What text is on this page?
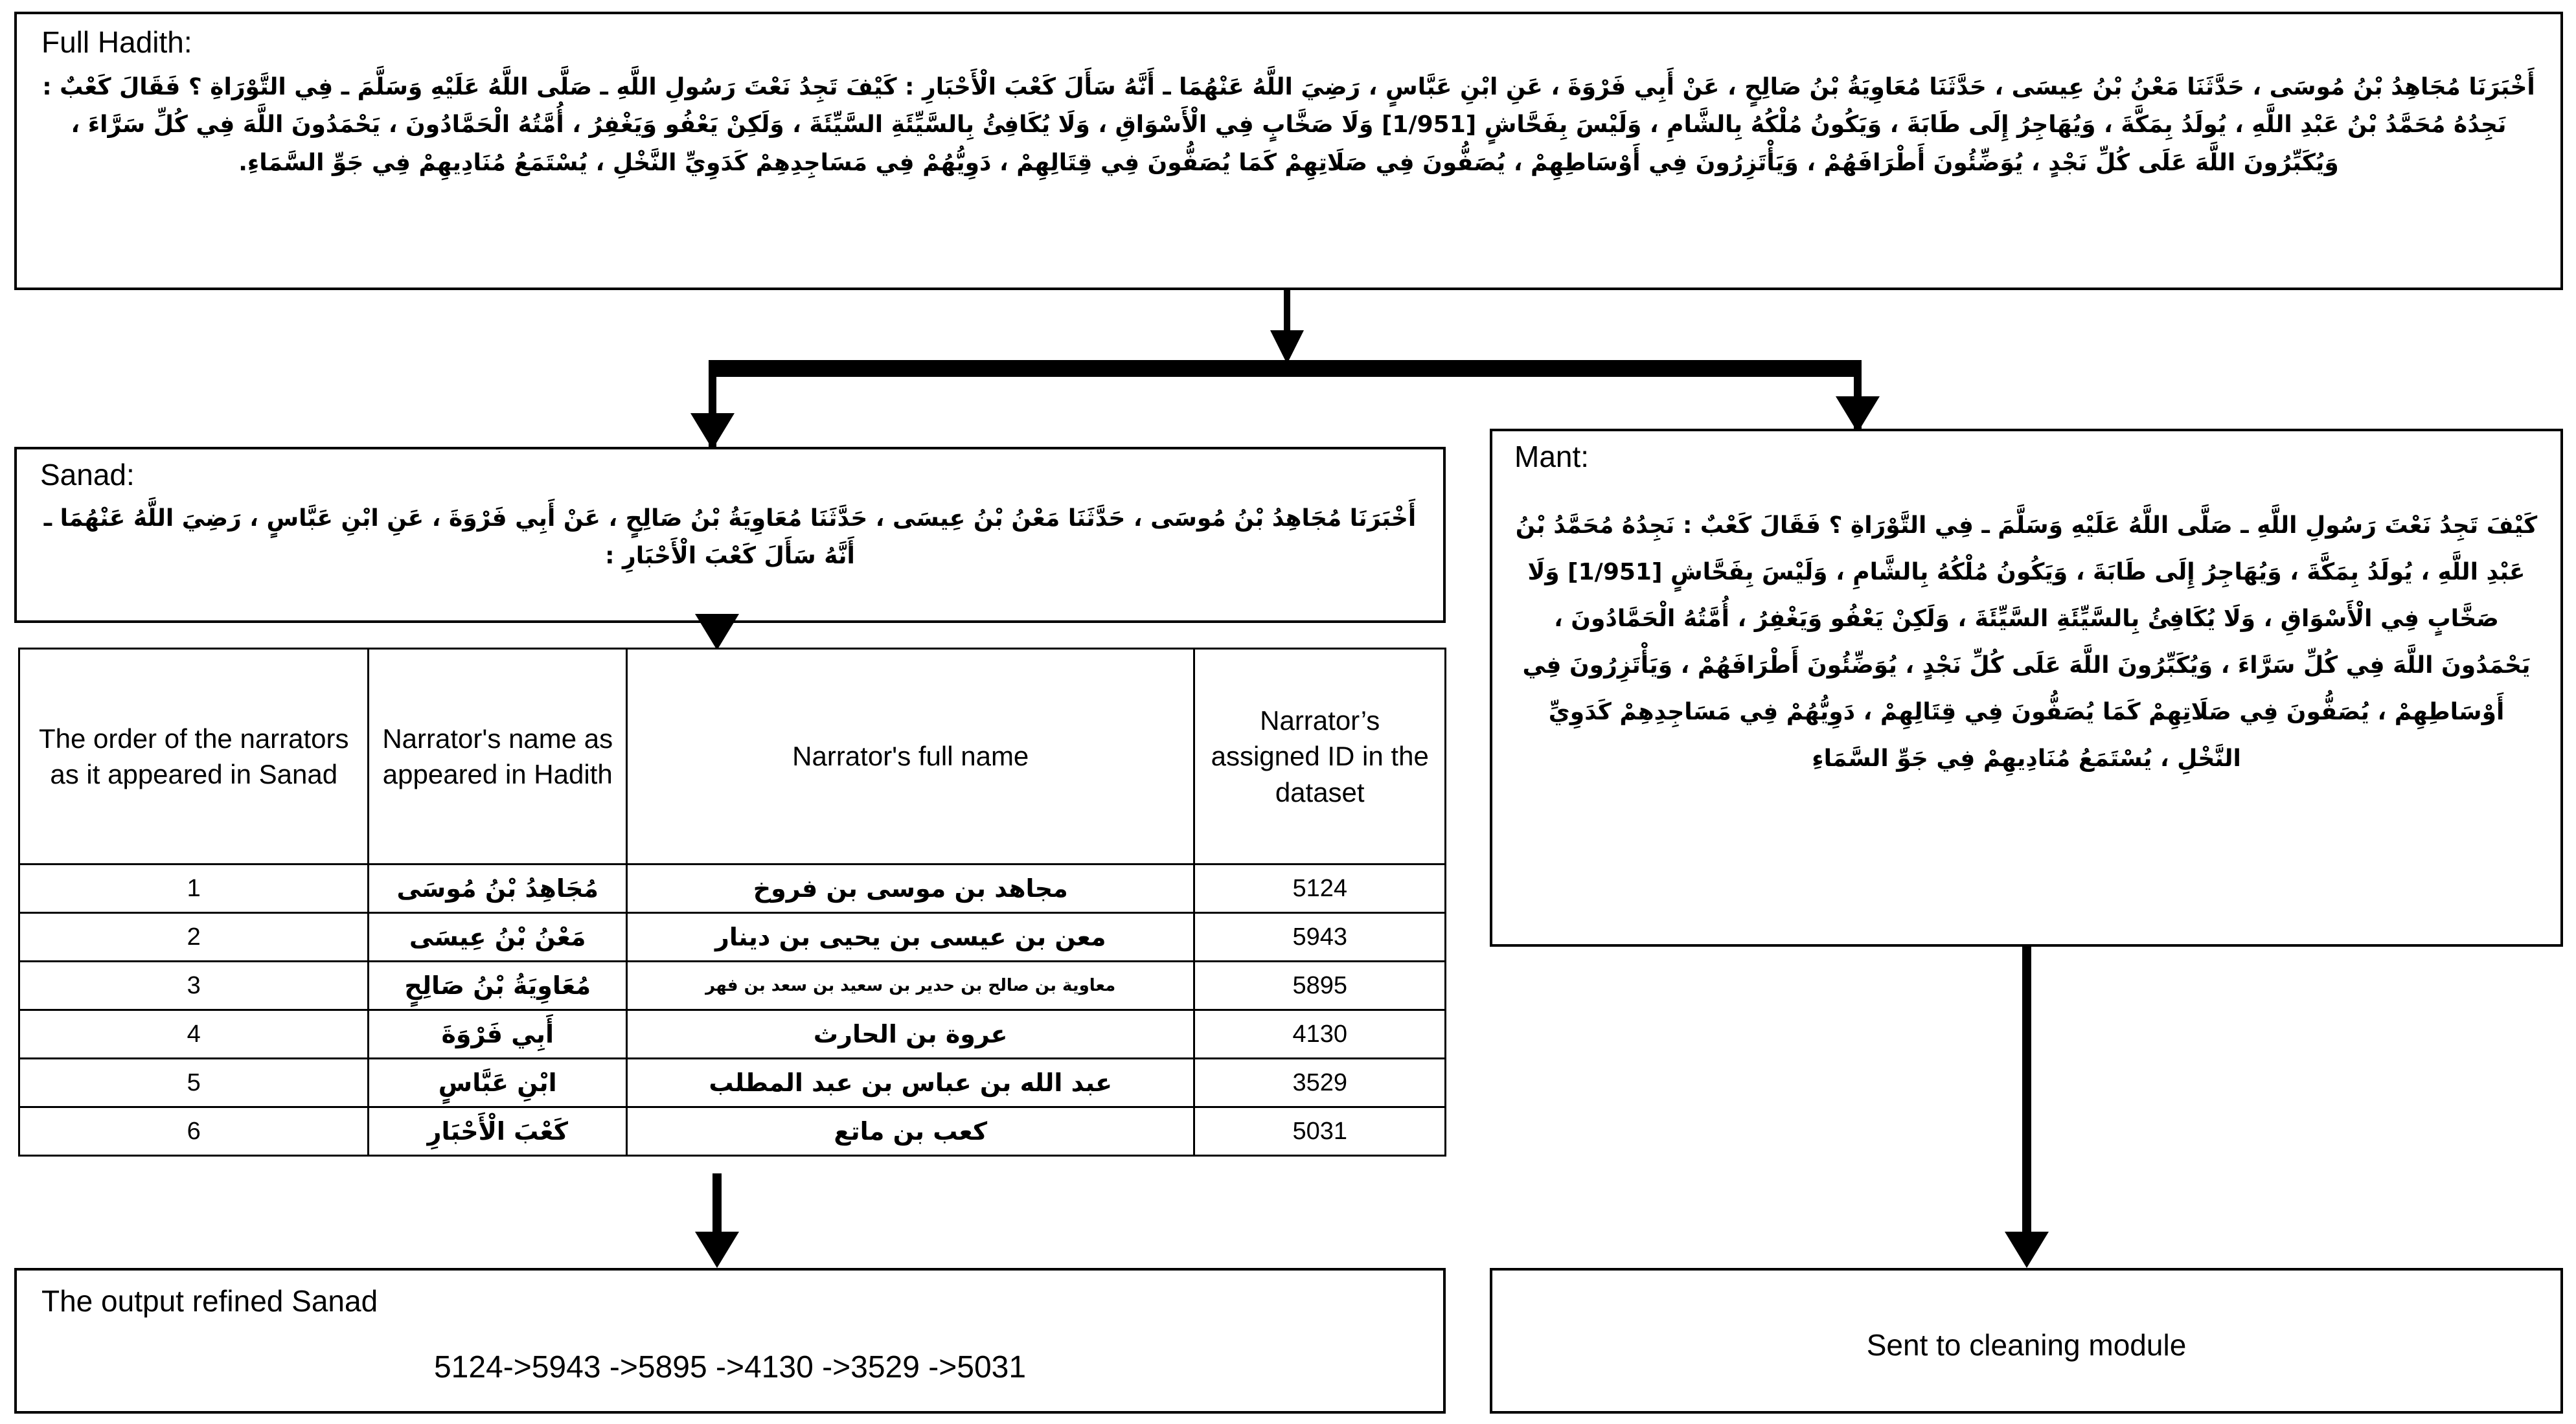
Full Hadith:
أَخْبَرَنَا مُجَاهِدُ بْنُ مُوسَى ، حَدَّثَنَا مَعْنُ بْنُ عِيسَى ، حَدَّثَنَا مُعَاوِيَةُ بْنُ صَالِحٍ ، عَنْ أَبِي فَرْوَةَ ، عَنِ ابْنِ عَبَّاسٍ ، رَضِيَ اللَّهُ عَنْهُمَا ـ أَنَّهُ سَأَلَ كَعْبَ الْأَحْبَارِ : كَيْفَ تَجِدُ نَعْتَ رَسُولِ اللَّهِ ـ صَلَّى اللَّهُ عَلَيْهِ وَسَلَّمَ ـ فِي التَّوْرَاةِ ؟ فَقَالَ كَعْبٌ : نَجِدُهُ مُحَمَّدُ بْنُ عَبْدِ اللَّهِ ، يُولَدُ بِمَكَّةَ ، وَيُهَاجِرُ إِلَى طَابَةَ ، وَيَكُونُ مُلْكُهُ بِالشَّامِ ، وَلَيْسَ بِفَحَّاشٍ [159/1] وَلَا صَخَّابٍ فِي الْأَسْوَاقِ ، وَلَا يُكَافِئُ بِالسَّيِّئَةِ السَّيِّئَةَ ، وَلَكِنْ يَعْفُو وَيَغْفِرُ ، أُمَّتُهُ الْحَمَّادُونَ ، يَحْمَدُونَ اللَّهَ فِي كُلِّ سَرَّاءَ ، وَيُكَبِّرُونَ اللَّهَ عَلَى كُلِّ نَجْدٍ ، يُوَضِّئُونَ أَطْرَافَهُمْ ، وَيَأْتَزِرُونَ فِي أَوْسَاطِهِمْ ، يُصَفُّونَ فِي صَلَاتِهِمْ كَمَا يُصَفُّونَ فِي قِتَالِهِمْ ، دَوِيُّهُمْ فِي مَسَاجِدِهِمْ كَدَوِيِّ النَّخْلِ ، يُسْتَمَعُ مُنَادِيهِمْ فِي جَوِّ السَّمَاءِ.
Sanad:
أَخْبَرَنَا مُجَاهِدُ بْنُ مُوسَى ، حَدَّثَنَا مَعْنُ بْنُ عِيسَى ، حَدَّثَنَا مُعَاوِيَةُ بْنُ صَالِحٍ ، عَنْ أَبِي فَرْوَةَ ، عَنِ ابْنِ عَبَّاسٍ ، رَضِيَ اللَّهُ عَنْهُمَا ـ أَنَّهُ سَأَلَ كَعْبَ الْأَحْبَارِ :
Mant:
كَيْفَ تَجِدُ نَعْتَ رَسُولِ اللَّهِ ـ صَلَّى اللَّهُ عَلَيْهِ وَسَلَّمَ ـ فِي التَّوْرَاةِ ؟ فَقَالَ كَعْبٌ : نَجِدُهُ مُحَمَّدُ بْنُ عَبْدِ اللَّهِ ، يُولَدُ بِمَكَّةَ ، وَيُهَاجِرُ إِلَى طَابَةَ ، وَيَكُونُ مُلْكُهُ بِالشَّامِ ، وَلَيْسَ بِفَحَّاشٍ [159/1] وَلَا صَخَّابٍ فِي الْأَسْوَاقِ ، وَلَا يُكَافِئُ بِالسَّيِّئَةِ السَّيِّئَةَ ، وَلَكِنْ يَعْفُو وَيَغْفِرُ ، أُمَّتُهُ الْحَمَّادُونَ ، يَحْمَدُونَ اللَّهَ فِي كُلِّ سَرَّاءَ ، وَيُكَبِّرُونَ اللَّهَ عَلَى كُلِّ نَجْدٍ ، يُوَضِّئُونَ أَطْرَافَهُمْ ، وَيَأْتَزِرُونَ فِي أَوْسَاطِهِمْ ، يُصَفُّونَ فِي صَلَاتِهِمْ كَمَا يُصَفُّونَ فِي قِتَالِهِمْ ، دَوِيُّهُمْ فِي مَسَاجِدِهِمْ كَدَوِيِّ النَّخْلِ ، يُسْتَمَعُ مُنَادِيهِمْ فِي جَوِّ السَّمَاءِ
The order of the narrators as it appeared in Sanad	Narrator's name as appeared in Hadith	Narrator's full name	Narrator’s assigned ID in the dataset
1	مُجَاهِدُ بْنُ مُوسَى	مجاهد بن موسى بن فروخ	5124
2	مَعْنُ بْنُ عِيسَى	معن بن عيسى بن يحيى بن دينار	5943
3	مُعَاوِيَةُ بْنُ صَالِحٍ	معاوية بن صالح بن حدير بن سعيد بن سعد بن فهر	5895
4	أَبِي فَرْوَةَ	عروة بن الحارث	4130
5	ابْنِ عَبَّاسٍ	عبد الله بن عباس بن عبد المطلب	3529
6	كَعْبَ الْأَحْبَارِ	كعب بن ماتع	5031
The output refined Sanad
5124->5943 ->5895 ->4130 ->3529 ->5031
Sent to cleaning module
